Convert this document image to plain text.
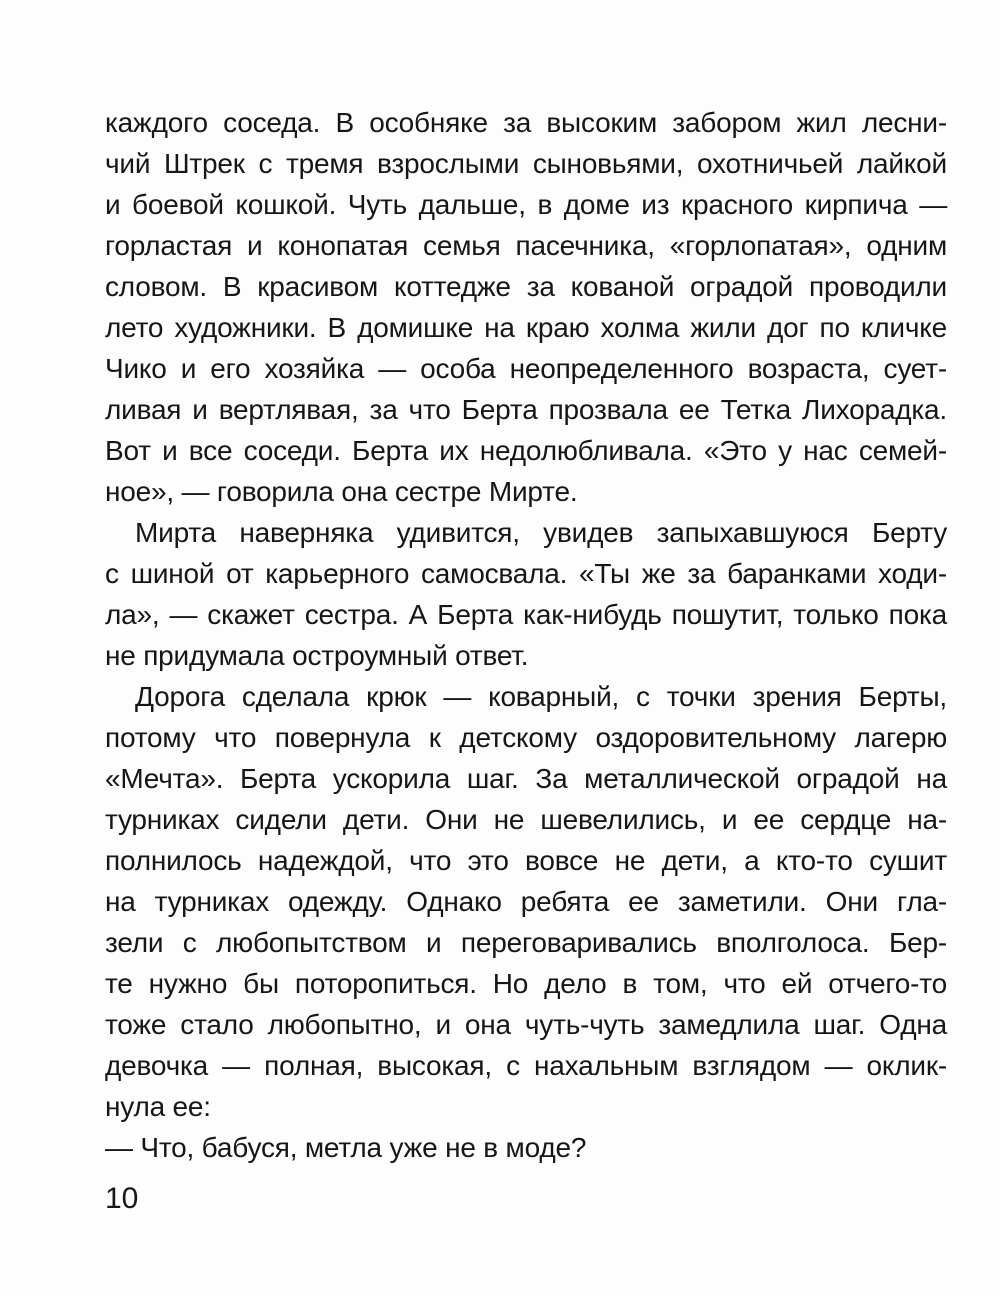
каждого соседа. В особняке за высоким забором жил лесни-
чий Штрек с тремя взрослыми сыновьями, охотничьей лайкой
и боевой кошкой. Чуть дальше, в доме из красного кирпича —
горластая и конопатая семья пасечника, «горлопатая», одним
словом. В красивом коттедже за кованой оградой проводили
лето художники. В домишке на краю холма жили дог по кличке
Чико и его хозяйка — особа неопределенного возраста, сует-
ливая и вертлявая, за что Берта прозвала ее Тетка Лихорадка.
Вот и все соседи. Берта их недолюбливала. «Это у нас семей-
ное», — говорила она сестре Мирте.
Мирта наверняка удивится, увидев запыхавшуюся Берту
с шиной от карьерного самосвала. «Ты же за баранками ходи-
ла», — скажет сестра. А Берта как-нибудь пошутит, только пока
не придумала остроумный ответ.
Дорога сделала крюк — коварный, с точки зрения Берты,
потому что повернула к детскому оздоровительному лагерю
«Мечта». Берта ускорила шаг. За металлической оградой на
турниках сидели дети. Они не шевелились, и ее сердце на-
полнилось надеждой, что это вовсе не дети, а кто-то сушит
на турниках одежду. Однако ребята ее заметили. Они гла-
зели с любопытством и переговаривались вполголоса. Бер-
те нужно бы поторопиться. Но дело в том, что ей отчего-то
тоже стало любопытно, и она чуть-чуть замедлила шаг. Одна
девочка — полная, высокая, с нахальным взглядом — оклик-
нула ее:
— Что, бабуся, метла уже не в моде?
10
